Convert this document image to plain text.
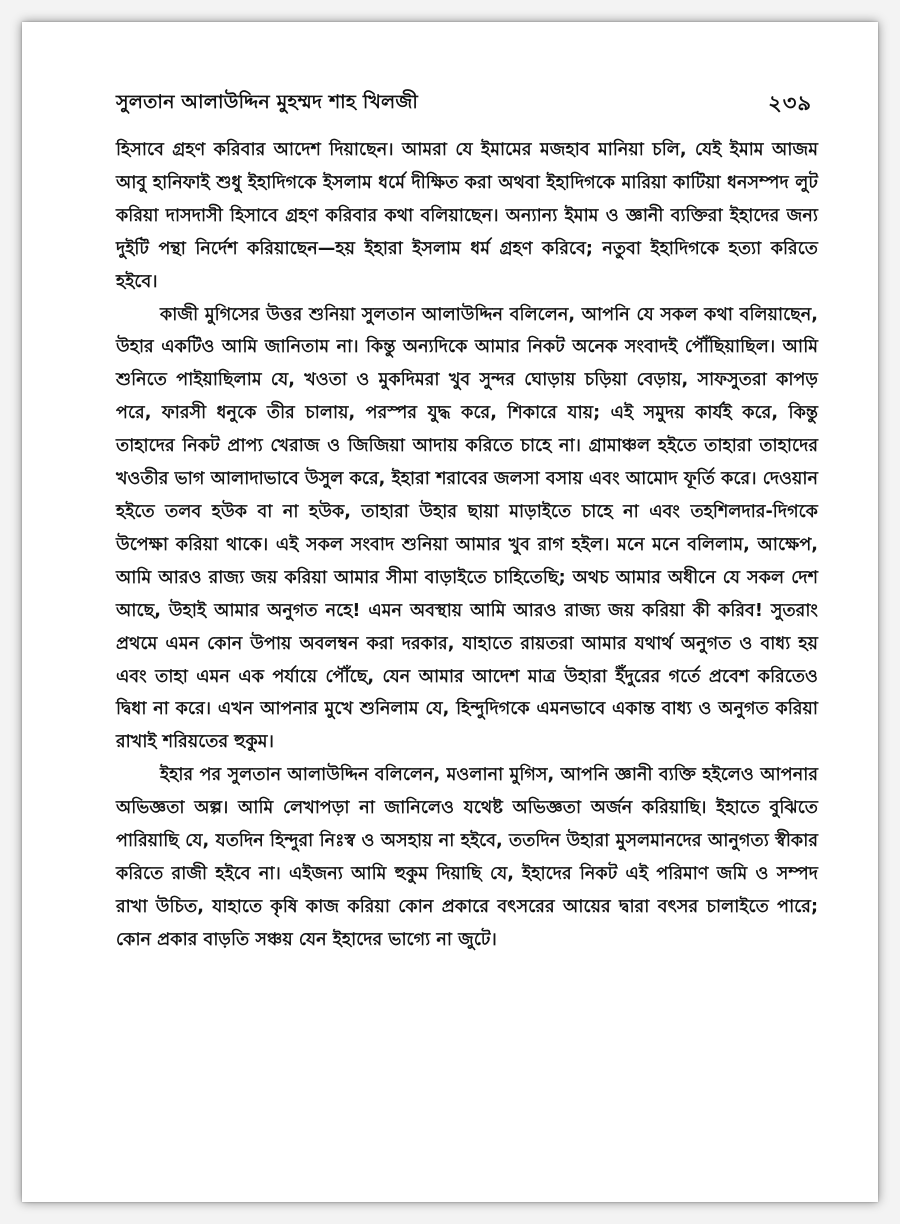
সুলতান আলাউদ্দিন মুহম্মদ শাহ খিলজী	২৩৯

হিসাবে গ্রহণ করিবার আদেশ দিয়াছেন। আমরা যে ইমামের মজহাব মানিয়া চলি, যেই ইমাম আজম আবু হানিফাই শুধু ইহাদিগকে ইসলাম ধর্মে দীক্ষিত করা অথবা ইহাদিগকে মারিয়া কাটিয়া ধনসম্পদ লুট করিয়া দাসদাসী হিসাবে গ্রহণ করিবার কথা বলিয়াছেন। অন্যান্য ইমাম ও জ্ঞানী ব্যক্তিরা ইহাদের জন্য দুইটি পন্থা নির্দেশ করিয়াছেন—হয় ইহারা ইসলাম ধর্ম গ্রহণ করিবে; নতুবা ইহাদিগকে হত্যা করিতে হইবে।

কাজী মুগিসের উত্তর শুনিয়া সুলতান আলাউদ্দিন বলিলেন, আপনি যে সকল কথা বলিয়াছেন, উহার একটিও আমি জানিতাম না। কিন্তু অন্যদিকে আমার নিকট অনেক সংবাদই পৌঁছিয়াছিল। আমি শুনিতে পাইয়াছিলাম যে, খওতা ও মুকদিমরা খুব সুন্দর ঘোড়ায় চড়িয়া বেড়ায়, সাফসুতরা কাপড় পরে, ফারসী ধনুকে তীর চালায়, পরস্পর যুদ্ধ করে, শিকারে যায়; এই সমুদয় কার্যই করে, কিন্তু তাহাদের নিকট প্রাপ্য খেরাজ ও জিজিয়া আদায় করিতে চাহে না। গ্রামাঞ্চল হইতে তাহারা তাহাদের খওতীর ভাগ আলাদাভাবে উসুল করে, ইহারা শরাবের জলসা বসায় এবং আমোদ ফূর্তি করে। দেওয়ান হইতে তলব হউক বা না হউক, তাহারা উহার ছায়া মাড়াইতে চাহে না এবং তহশিলদার-দিগকে উপেক্ষা করিয়া থাকে। এই সকল সংবাদ শুনিয়া আমার খুব রাগ হইল। মনে মনে বলিলাম, আক্ষেপ, আমি আরও রাজ্য জয় করিয়া আমার সীমা বাড়াইতে চাহিতেছি; অথচ আমার অধীনে যে সকল দেশ আছে, উহাই আমার অনুগত নহে! এমন অবস্থায় আমি আরও রাজ্য জয় করিয়া কী করিব! সুতরাং প্রথমে এমন কোন উপায় অবলম্বন করা দরকার, যাহাতে রায়তরা আমার যথার্থ অনুগত ও বাধ্য হয় এবং তাহা এমন এক পর্যায়ে পৌঁছে, যেন আমার আদেশ মাত্র উহারা ইঁদুরের গর্তে প্রবেশ করিতেও দ্বিধা না করে। এখন আপনার মুখে শুনিলাম যে, হিন্দুদিগকে এমনভাবে একান্ত বাধ্য ও অনুগত করিয়া রাখাই শরিয়তের হুকুম।

ইহার পর সুলতান আলাউদ্দিন বলিলেন, মওলানা মুগিস, আপনি জ্ঞানী ব্যক্তি হইলেও আপনার অভিজ্ঞতা অল্প। আমি লেখাপড়া না জানিলেও যথেষ্ট অভিজ্ঞতা অর্জন করিয়াছি। ইহাতে বুঝিতে পারিয়াছি যে, যতদিন হিন্দুরা নিঃস্ব ও অসহায় না হইবে, ততদিন উহারা মুসলমানদের আনুগত্য স্বীকার করিতে রাজী হইবে না। এইজন্য আমি হুকুম দিয়াছি যে, ইহাদের নিকট এই পরিমাণ জমি ও সম্পদ রাখা উচিত, যাহাতে কৃষি কাজ করিয়া কোন প্রকারে বৎসরের আয়ের দ্বারা বৎসর চালাইতে পারে; কোন প্রকার বাড়তি সঞ্চয় যেন ইহাদের ভাগ্যে না জুটে।
